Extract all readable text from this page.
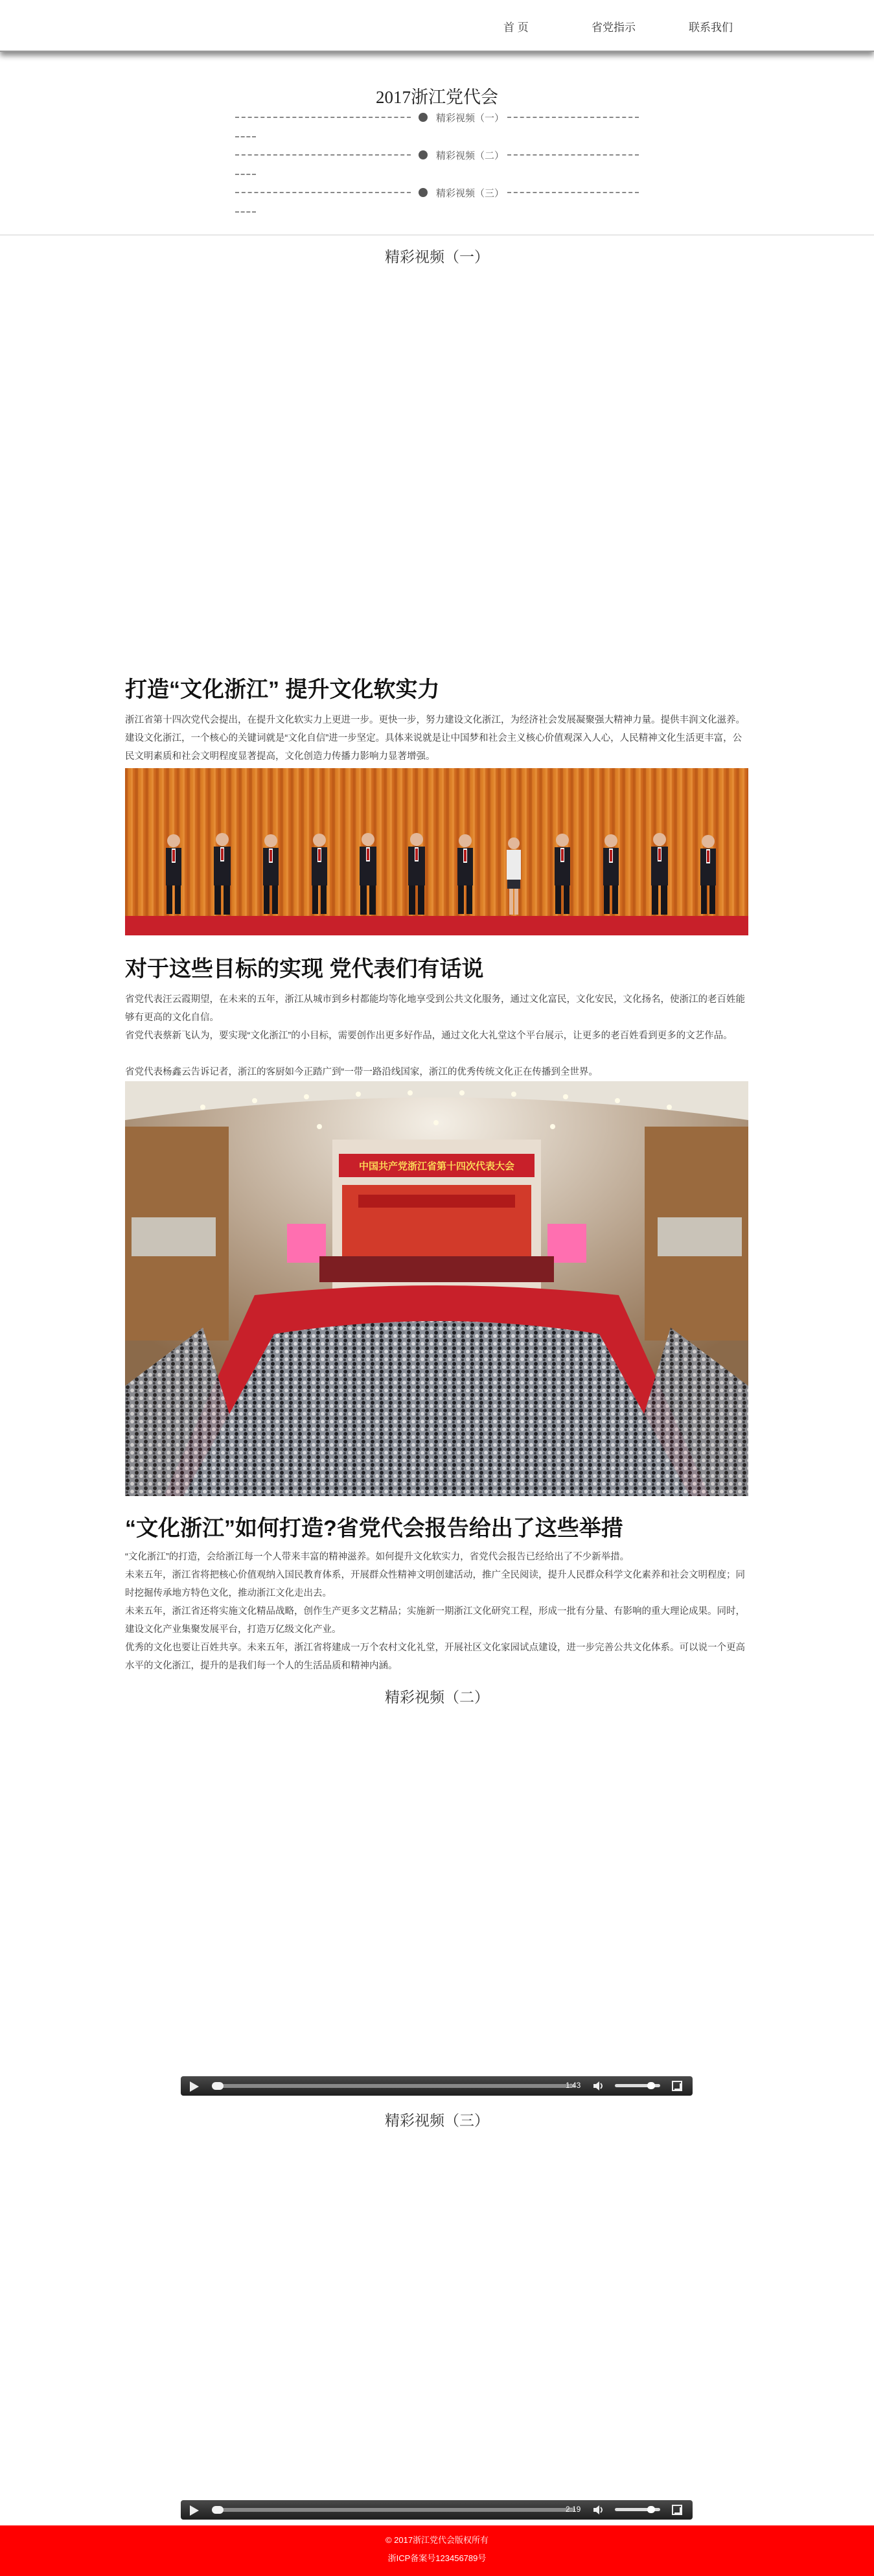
首 页	省党指示	联系我们
2017浙江党代会
精彩视频（一）
精彩视频（二）
精彩视频（三）
精彩视频（一）
打造“文化浙江” 提升文化软实力

浙江省第十四次党代会提出，在提升文化软实力上更进一步。更快一步，努力建设文化浙江，为经济社会发展凝聚强大精神力量。提供丰润文化滋养。建设文化浙江，一个核心的关键词就是“文化自信”进一步坚定。具体来说就是让中国梦和社会主义核心价值观深入人心，人民精神文化生活更丰富，公民文明素质和社会文明程度显著提高，文化创造力传播力影响力显著增强。

对于这些目标的实现 党代表们有话说

省党代表汪云霞期望，在未来的五年，浙江从城市到乡村都能均等化地享受到公共文化服务，通过文化富民，文化安民，文化扬名，使浙江的老百姓能够有更高的文化自信。

省党代表蔡新飞认为，要实现“文化浙江”的小目标，需要创作出更多好作品，通过文化大礼堂这个平台展示，让更多的老百姓看到更多的文艺作品。

省党代表杨鑫云告诉记者，浙江的客厨如今正踏广到“一带一路沿线国家，浙江的优秀传统文化正在传播到全世界。

中国共产党浙江省第十四次代表大会
“文化浙江”如何打造?省党代会报告给出了这些举措

“文化浙江”的打造，会给浙江每一个人带来丰富的精神滋养。如何提升文化软实力，省党代会报告已经给出了不少新举措。

未来五年，浙江省将把核心价值观纳入国民教育体系，开展群众性精神文明创建活动，推广全民阅读，提升人民群众科学文化素养和社会文明程度；同时挖掘传承地方特色文化，推动浙江文化走出去。

未来五年，浙江省还将实施文化精品战略，创作生产更多文艺精品；实施新一期浙江文化研究工程，形成一批有分量、有影响的重大理论成果。同时，建设文化产业集聚发展平台，打造万亿级文化产业。

优秀的文化也要让百姓共享。未来五年，浙江省将建成一万个农村文化礼堂，开展社区文化家园试点建设，进一步完善公共文化体系。可以说一个更高水平的文化浙江，提升的是我们每一个人的生活品质和精神内涵。

精彩视频（二）
1:43
精彩视频（三）
2:19
© 2017浙江党代会版权所有
浙ICP备案号123456789号
